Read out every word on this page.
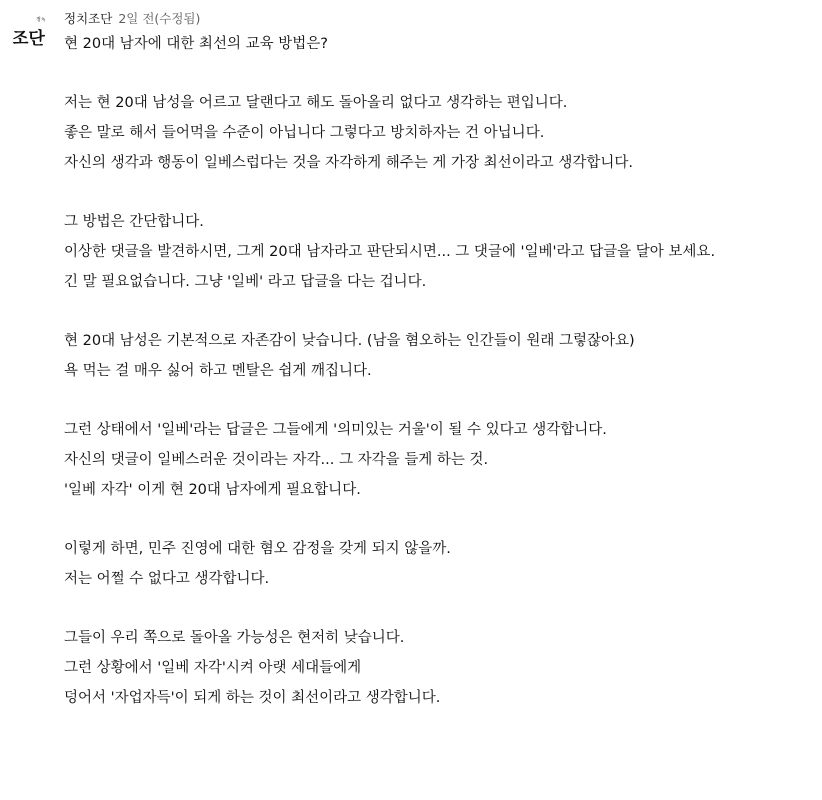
정치
조단
정치조단 2일 전(수정됨)

현 20대 남자에 대한 최선의 교육 방법은?

저는 현 20대 남성을 어르고 달랜다고 해도 돌아올리 없다고 생각하는 편입니다.

좋은 말로 해서 들어먹을 수준이 아닙니다 그렇다고 방치하자는 건 아닙니다.

자신의 생각과 행동이 일베스럽다는 것을 자각하게 해주는 게 가장 최선이라고 생각합니다.

그 방법은 간단합니다.

이상한 댓글을 발견하시면, 그게 20대 남자라고 판단되시면... 그 댓글에 '일베'라고 답글을 달아 보세요.

긴 말 필요없습니다. 그냥 '일베' 라고 답글을 다는 겁니다.

현 20대 남성은 기본적으로 자존감이 낮습니다. (남을 혐오하는 인간들이 원래 그렇잖아요)

욕 먹는 걸 매우 싫어 하고 멘탈은 쉽게 깨집니다.

그런 상태에서 '일베'라는 답글은 그들에게 '의미있는 거울'이 될 수 있다고 생각합니다.

자신의 댓글이 일베스러운 것이라는 자각... 그 자각을 들게 하는 것.

'일베 자각' 이게 현 20대 남자에게 필요합니다.

이렇게 하면, 민주 진영에 대한 혐오 감정을 갖게 되지 않을까.

저는 어쩔 수 없다고 생각합니다.

그들이 우리 쪽으로 돌아올 가능성은 현저히 낮습니다.

그런 상황에서 '일베 자각'시켜 아랫 세대들에게

덩어서 '자업자득'이 되게 하는 것이 최선이라고 생각합니다.
